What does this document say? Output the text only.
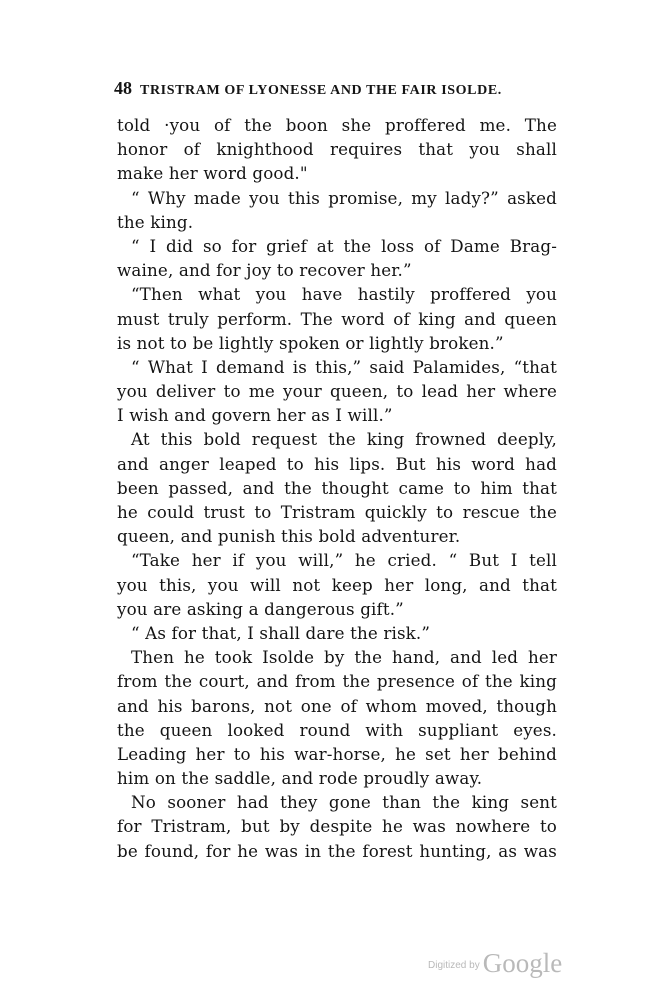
48 TRISTRAM OF LYONESSE AND THE FAIR ISOLDE.
told ·you of the boon she proffered me. The
honor of knighthood requires that you shall
make her word good."
“ Why made you this promise, my lady?” asked
the king.
“ I did so for grief at the loss of Dame Brag-
waine, and for joy to recover her.”
“Then what you have hastily proffered you
must truly perform. The word of king and queen
is not to be lightly spoken or lightly broken.”
“ What I demand is this,” said Palamides, “that
you deliver to me your queen, to lead her where
I wish and govern her as I will.”
At this bold request the king frowned deeply,
and anger leaped to his lips. But his word had
been passed, and the thought came to him that
he could trust to Tristram quickly to rescue the
queen, and punish this bold adventurer.
“Take her if you will,” he cried. “ But I tell
you this, you will not keep her long, and that
you are asking a dangerous gift.”
“ As for that, I shall dare the risk.”
Then he took Isolde by the hand, and led her
from the court, and from the presence of the king
and his barons, not one of whom moved, though
the queen looked round with suppliant eyes.
Leading her to his war-horse, he set her behind
him on the saddle, and rode proudly away.
No sooner had they gone than the king sent
for Tristram, but by despite he was nowhere to
be found, for he was in the forest hunting, as was
$^{Digitized by}$ Google
